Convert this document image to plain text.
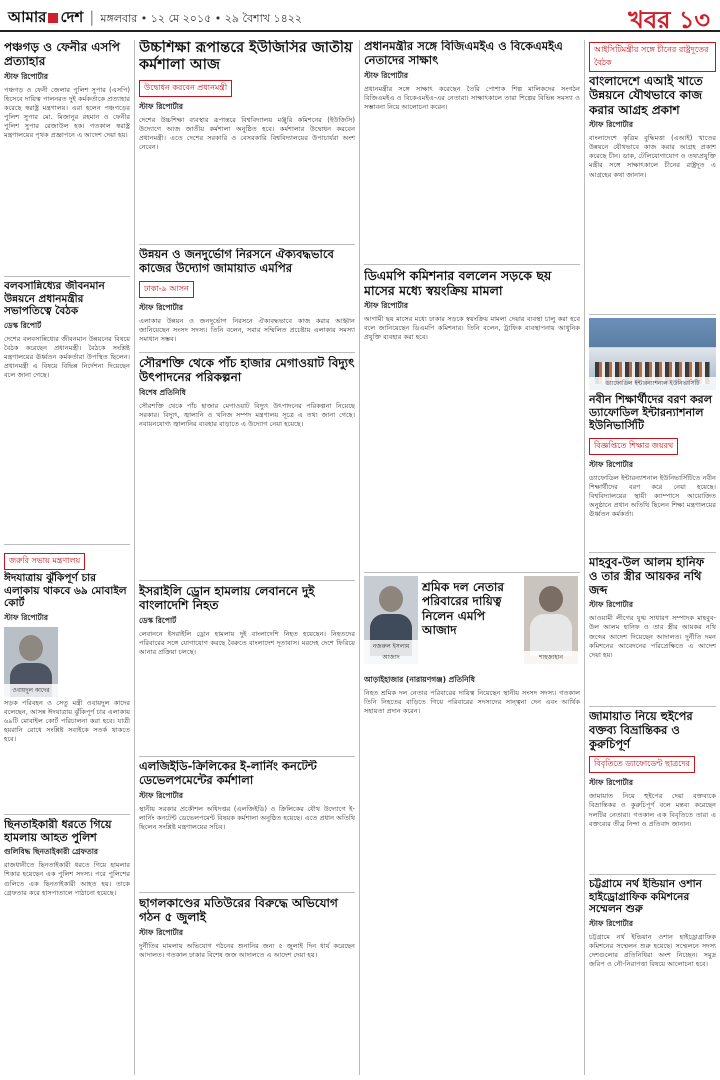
আমার দেশ | মঙ্গলবার • ১২ মে ২০১৫ • ২৯ বৈশাখ ১৪২২	খবর ১৩
পঞ্চগড় ও ফেনীর এসপি প্রত্যাহার
স্টাফ রিপোর্টার
পঞ্চগড় ও ফেনী জেলার পুলিশ সুপার (এসপি) হিসেবে দায়িত্ব পালনরত দুই কর্মকর্তাকে প্রত্যাহার করেছে স্বরাষ্ট্র মন্ত্রণালয়। এরা হলেন পঞ্চগড়ের পুলিশ সুপার মো. মিজানুর রহমান ও ফেনীর পুলিশ সুপার রেজাউল হক। গতকাল স্বরাষ্ট্র মন্ত্রণালয়ের পৃথক প্রজ্ঞাপনে এ আদেশ দেয়া হয়।
বলবসান্নিধ্যের জীবনমান উন্নয়নে প্রধানমন্ত্রীর সভাপতিত্বে বৈঠক
ডেস্ক রিপোর্ট
দেশের বলবসান্নিধ্যের জীবনমান উন্নয়নের বিষয়ে বৈঠক করেছেন প্রধানমন্ত্রী। বৈঠকে সংশ্লিষ্ট মন্ত্রণালয়ের ঊর্ধ্বতন কর্মকর্তারা উপস্থিত ছিলেন। প্রধানমন্ত্রী এ বিষয়ে বিভিন্ন নির্দেশনা দিয়েছেন বলে জানা গেছে।
জরুরি সভায় মন্ত্রণালয়
ঈদযাত্রায় ঝুঁকিপূর্ণ চার এলাকায় থাকবে ৬৯ মোবাইল কোর্ট
স্টাফ রিপোর্টার
ওবায়দুল কাদের
সড়ক পরিবহন ও সেতু মন্ত্রী ওবায়দুল কাদের বলেছেন, আসন্ন ঈদযাত্রায় ঝুঁকিপূর্ণ চার এলাকায় ৬৯টি মোবাইল কোর্ট পরিচালনা করা হবে। যাত্রী হয়রানি রোধে সংশ্লিষ্ট সবাইকে সতর্ক থাকতে হবে।
ছিনতাইকারী ধরতে গিয়ে হামলায় আহত পুলিশ
গুলিবিদ্ধ ছিনতাইকারী গ্রেফতার
রাজধানীতে ছিনতাইকারী ধরতে গিয়ে হামলার শিকার হয়েছেন এক পুলিশ সদস্য। পরে পুলিশের গুলিতে এক ছিনতাইকারী আহত হয়। তাকে গ্রেফতার করে হাসপাতালে পাঠানো হয়েছে।
উচ্চশিক্ষা রূপান্তরে ইউজিসির জাতীয় কর্মশালা আজ
উদ্বোধন করবেন প্রধানমন্ত্রী
স্টাফ রিপোর্টার
দেশের উচ্চশিক্ষা ব্যবস্থার রূপান্তরে বিশ্ববিদ্যালয় মঞ্জুরি কমিশনের (ইউজিসি) উদ্যোগে আজ জাতীয় কর্মশালা অনুষ্ঠিত হবে। কর্মশালার উদ্বোধন করবেন প্রধানমন্ত্রী। এতে দেশের সরকারি ও বেসরকারি বিশ্ববিদ্যালয়ের উপাচার্যরা অংশ নেবেন।
উন্নয়ন ও জনদুর্ভোগ নিরসনে ঐক্যবদ্ধভাবে কাজের উদ্যোগ জামায়াত এমপির
ঢাকা-৯ আসন
স্টাফ রিপোর্টার
এলাকার উন্নয়ন ও জনদুর্ভোগ নিরসনে ঐক্যবদ্ধভাবে কাজ করার আহ্বান জানিয়েছেন সংসদ সদস্য। তিনি বলেন, সবার সম্মিলিত প্রচেষ্টায় এলাকার সমস্যা সমাধান সম্ভব।
সৌরশক্তি থেকে পাঁচ হাজার মেগাওয়াট বিদ্যুৎ উৎপাদনের পরিকল্পনা
বিশেষ প্রতিনিধি
সৌরশক্তি থেকে পাঁচ হাজার মেগাওয়াট বিদ্যুৎ উৎপাদনের পরিকল্পনা নিয়েছে সরকার। বিদ্যুৎ, জ্বালানি ও খনিজ সম্পদ মন্ত্রণালয় সূত্রে এ তথ্য জানা গেছে। নবায়নযোগ্য জ্বালানির ব্যবহার বাড়াতে এ উদ্যোগ নেয়া হয়েছে।
ইসরাইলি ড্রোন হামলায় লেবাননে দুই বাংলাদেশি নিহত
ডেস্ক রিপোর্ট
লেবাননে ইসরাইলি ড্রোন হামলায় দুই বাংলাদেশি নিহত হয়েছেন। নিহতদের পরিবারের সঙ্গে যোগাযোগ করছে বৈরুতে বাংলাদেশ দূতাবাস। মরদেহ দেশে ফিরিয়ে আনার প্রক্রিয়া চলছে।
এলজিইডি-ক্রিলিকের ই-লার্নিং কনটেন্ট ডেভেলপমেন্টের কর্মশালা
স্টাফ রিপোর্টার
স্থানীয় সরকার প্রকৌশল অধিদপ্তর (এলজিইডি) ও ক্রিলিকের যৌথ উদ্যোগে ই-লার্নিং কনটেন্ট ডেভেলপমেন্ট বিষয়ক কর্মশালা অনুষ্ঠিত হয়েছে। এতে প্রধান অতিথি ছিলেন সংশ্লিষ্ট মন্ত্রণালয়ের সচিব।
ছাগলকাণ্ডের মতিউরের বিরুদ্ধে অভিযোগ গঠন ৫ জুলাই
স্টাফ রিপোর্টার
দুর্নীতির মামলায় অভিযোগ গঠনের শুনানির জন্য ৫ জুলাই দিন ধার্য করেছেন আদালত। গতকাল ঢাকার বিশেষ জজ আদালতে এ আদেশ দেয়া হয়।
প্রধানমন্ত্রীর সঙ্গে বিজিএমইএ ও বিকেএমইএ নেতাদের সাক্ষাৎ
স্টাফ রিপোর্টার
প্রধানমন্ত্রীর সঙ্গে সাক্ষাৎ করেছেন তৈরি পোশাক শিল্প মালিকদের সংগঠন বিজিএমইএ ও বিকেএমইএ-এর নেতারা। সাক্ষাৎকালে তারা শিল্পের বিভিন্ন সমস্যা ও সম্ভাবনা নিয়ে আলোচনা করেন।
ডিএমপি কমিশনার বললেন সড়কে ছয় মাসের মধ্যে স্বয়ংক্রিয় মামলা
স্টাফ রিপোর্টার
আগামী ছয় মাসের মধ্যে ঢাকার সড়কে স্বয়ংক্রিয় মামলা দেয়ার ব্যবস্থা চালু করা হবে বলে জানিয়েছেন ডিএমপি কমিশনার। তিনি বলেন, ট্রাফিক ব্যবস্থাপনায় আধুনিক প্রযুক্তি ব্যবহার করা হবে।
নজরুল ইসলাম আজাদ	শাহজাহান
শ্রমিক দল নেতার পরিবারের দায়িত্ব নিলেন এমপি আজাদ
আড়াইহাজার (নারায়ণগঞ্জ) প্রতিনিধি
নিহত শ্রমিক দল নেতার পরিবারের দায়িত্ব নিয়েছেন স্থানীয় সংসদ সদস্য। গতকাল তিনি নিহতের বাড়িতে গিয়ে পরিবারের সদস্যদের সান্ত্বনা দেন এবং আর্থিক সহায়তা প্রদান করেন।
আইসিটিমন্ত্রীর সঙ্গে চীনের রাষ্ট্রদূতের বৈঠক
বাংলাদেশে এআই খাতে উন্নয়নে যৌথভাবে কাজ করার আগ্রহ প্রকাশ
স্টাফ রিপোর্টার
বাংলাদেশে কৃত্রিম বুদ্ধিমত্তা (এআই) খাতের উন্নয়নে যৌথভাবে কাজ করার আগ্রহ প্রকাশ করেছে চীন। ডাক, টেলিযোগাযোগ ও তথ্যপ্রযুক্তি মন্ত্রীর সঙ্গে সাক্ষাৎকালে চীনের রাষ্ট্রদূত এ আগ্রহের কথা জানান।
ড্যাফোডিল ইন্টারন্যাশনাল ইউনিভার্সিটি
নবীন শিক্ষার্থীদের বরণ করল ড্যাফোডিল ইন্টারন্যাশনাল ইউনিভার্সিটি
বিজ্ঞপ্তিতে শিক্ষার জয়রথ
স্টাফ রিপোর্টার
ড্যাফোডিল ইন্টারন্যাশনাল ইউনিভার্সিটিতে নবীন শিক্ষার্থীদের বরণ করে নেয়া হয়েছে। বিশ্ববিদ্যালয়ের স্থায়ী ক্যাম্পাসে আয়োজিত অনুষ্ঠানে প্রধান অতিথি ছিলেন শিক্ষা মন্ত্রণালয়ের ঊর্ধ্বতন কর্মকর্তা।
মাহবুব-উল আলম হানিফ ও তার স্ত্রীর আয়কর নথি জব্দ
স্টাফ রিপোর্টার
আওয়ামী লীগের যুগ্ম সাধারণ সম্পাদক মাহবুব-উল আলম হানিফ ও তার স্ত্রীর আয়কর নথি জব্দের আদেশ দিয়েছেন আদালত। দুর্নীতি দমন কমিশনের আবেদনের পরিপ্রেক্ষিতে এ আদেশ দেয়া হয়।
জামায়াত নিয়ে হুইপের বক্তব্য বিভ্রান্তিকর ও কুরুচিপূর্ণ
বিবৃতিতে ড্যাফোডেন্ট ছাত্রদের
স্টাফ রিপোর্টার
জামায়াত নিয়ে হুইপের দেয়া বক্তব্যকে বিভ্রান্তিকর ও কুরুচিপূর্ণ বলে মন্তব্য করেছেন দলটির নেতারা। গতকাল এক বিবৃতিতে তারা এ বক্তব্যের তীব্র নিন্দা ও প্রতিবাদ জানান।
চট্টগ্রামে নর্থ ইন্ডিয়ান ওশান হাইড্রোগ্রাফিক কমিশনের সম্মেলন শুরু
স্টাফ রিপোর্টার
চট্টগ্রামে নর্থ ইন্ডিয়ান ওশান হাইড্রোগ্রাফিক কমিশনের সম্মেলন শুরু হয়েছে। সম্মেলনে সদস্য দেশগুলোর প্রতিনিধিরা অংশ নিচ্ছেন। সমুদ্র জরিপ ও নৌ-নিরাপত্তা বিষয়ে আলোচনা হবে।
